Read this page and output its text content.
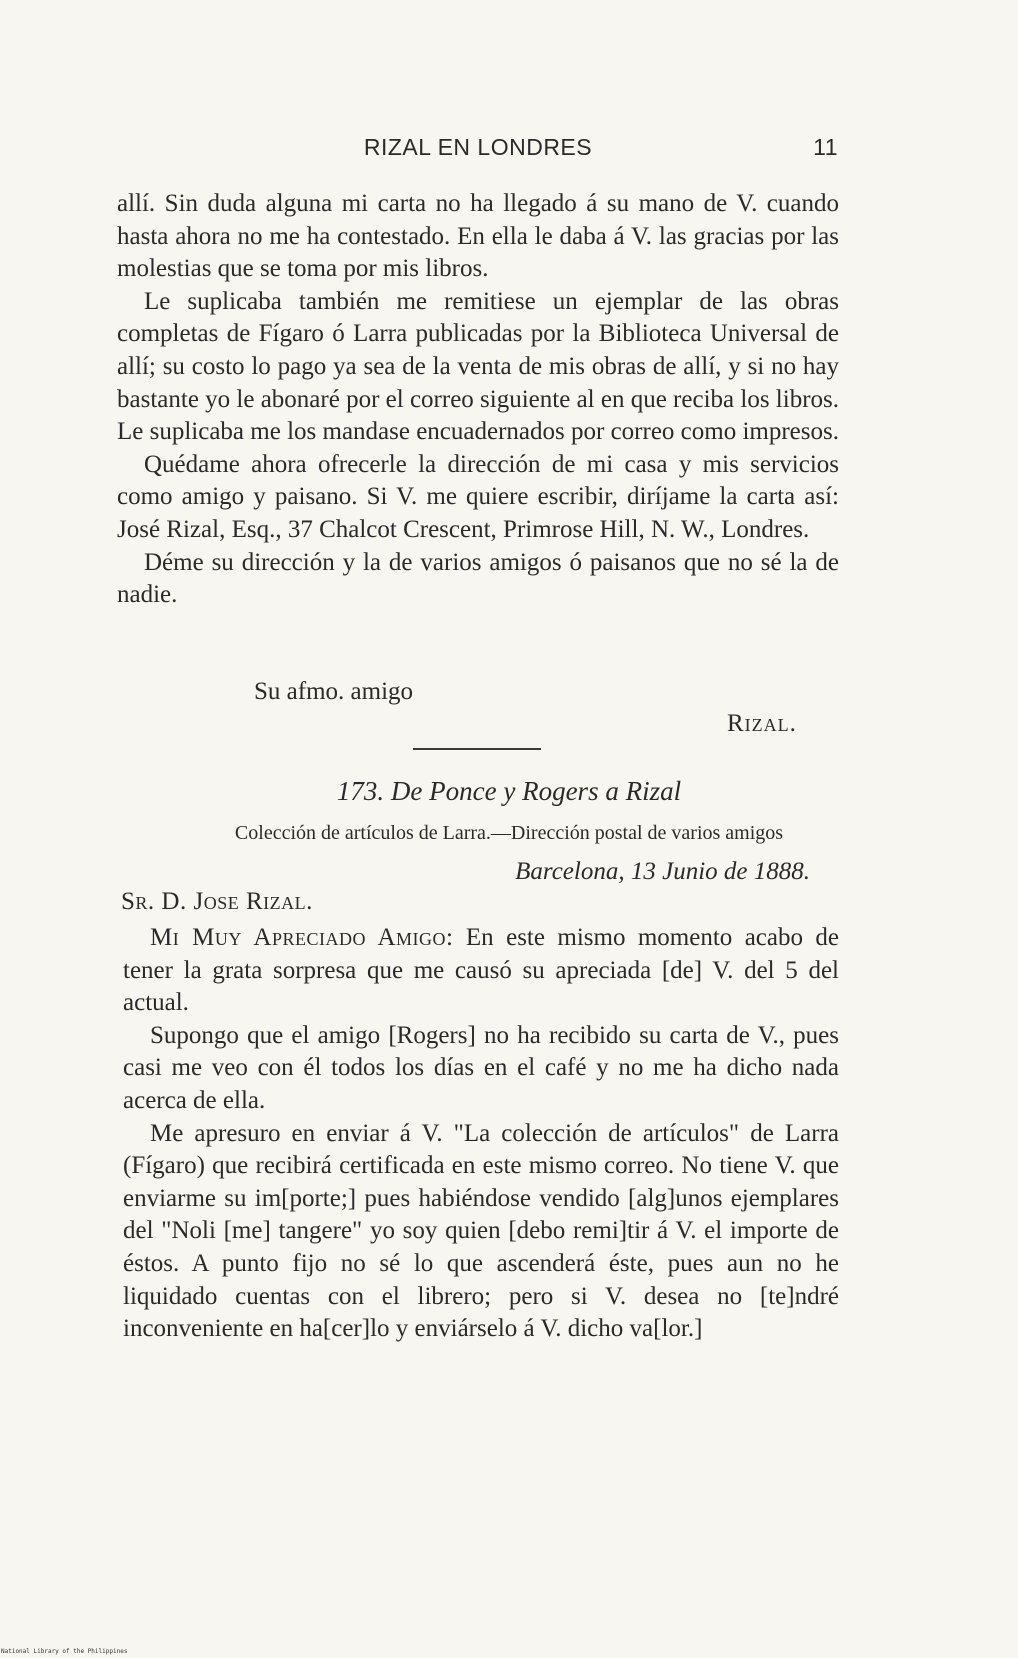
RIZAL EN LONDRES	11

allí. Sin duda alguna mi carta no ha llegado á su mano de V. cuando hasta ahora no me ha contestado. En ella le daba á V. las gracias por las molestias que se toma por mis libros.

Le suplicaba también me remitiese un ejemplar de las obras completas de Fígaro ó Larra publicadas por la Biblioteca Universal de allí; su costo lo pago ya sea de la venta de mis obras de allí, y si no hay bastante yo le abonaré por el correo siguiente al en que reciba los libros. Le suplicaba me los mandase encuadernados por correo como impresos.

Quédame ahora ofrecerle la dirección de mi casa y mis servicios como amigo y paisano. Si V. me quiere escribir, diríjame la carta así: José Rizal, Esq., 37 Chalcot Crescent, Primrose Hill, N. W., Londres.

Déme su dirección y la de varios amigos ó paisanos que no sé la de nadie.

Su afmo. amigo
Rizal.
173. De Ponce y Rogers a Rizal
Colección de artículos de Larra.—Dirección postal de varios amigos
Barcelona, 13 Junio de 1888.
Sr. D. Jose Rizal.

Mi Muy Apreciado Amigo: En este mismo momento acabo de tener la grata sorpresa que me causó su apreciada [de] V. del 5 del actual.

Supongo que el amigo [Rogers] no ha recibido su carta de V., pues casi me veo con él todos los días en el café y no me ha dicho nada acerca de ella.

Me apresuro en enviar á V. "La colección de artículos" de Larra (Fígaro) que recibirá certificada en este mismo correo. No tiene V. que enviarme su im[porte;] pues habiéndose vendido [alg]unos ejemplares del "Noli [me] tangere" yo soy quien [debo remi]tir á V. el importe de éstos. A punto fijo no sé lo que ascenderá éste, pues aun no he liquidado cuentas con el librero; pero si V. desea no [te]ndré inconveniente en ha[cer]lo y enviárselo á V. dicho va[lor.]

National Library of the Philippines
